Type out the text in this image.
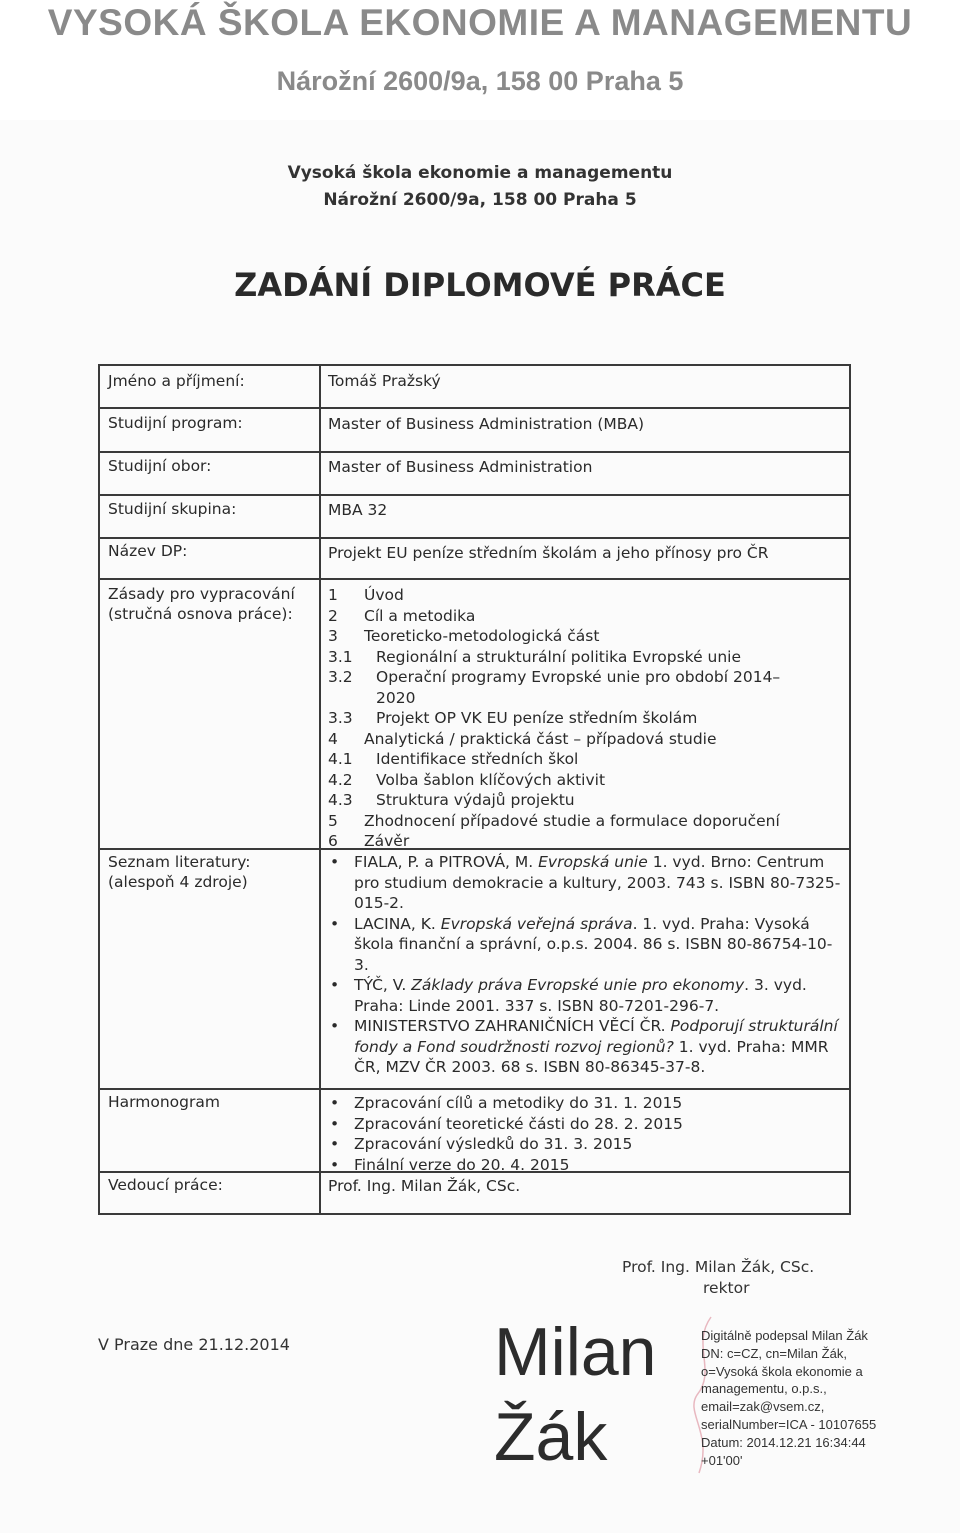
VYSOKÁ ŠKOLA EKONOMIE A MANAGEMENTU
Nárožní 2600/9a, 158 00 Praha 5
Vysoká škola ekonomie a managementu
Nárožní 2600/9a, 158 00 Praha 5
ZADÁNÍ DIPLOMOVÉ PRÁCE
Jméno a příjmení:	Tomáš Pražský
Studijní program:	Master of Business Administration (MBA)
Studijní obor:	Master of Business Administration
Studijní skupina:	MBA 32
Název DP:	Projekt EU peníze středním školám a jeho přínosy pro ČR
Zásady pro vypracování (stručná osnova práce):
1 Úvod
2 Cíl a metodika
3 Teoreticko-metodologická část
3.1 Regionální a strukturální politika Evropské unie
3.2 Operační programy Evropské unie pro období 2014–
2020
3.3 Projekt OP VK EU peníze středním školám
4 Analytická / praktická část – případová studie
4.1 Identifikace středních škol
4.2 Volba šablon klíčových aktivit
4.3 Struktura výdajů projektu
5 Zhodnocení případové studie a formulace doporučení
6 Závěr
Seznam literatury: (alespoň 4 zdroje)
• FIALA, P. a PITROVÁ, M. Evropská unie 1. vyd. Brno: Centrum pro studium demokracie a kultury, 2003. 743 s. ISBN 80-7325-015-2.
• LACINA, K. Evropská veřejná správa. 1. vyd. Praha: Vysoká škola finanční a správní, o.p.s. 2004. 86 s. ISBN 80-86754-10-3.
• TÝČ, V. Základy práva Evropské unie pro ekonomy. 3. vyd. Praha: Linde 2001. 337 s. ISBN 80-7201-296-7.
• MINISTERSTVO ZAHRANIČNÍCH VĚCÍ ČR. Podporují strukturální fondy a Fond soudržnosti rozvoj regionů? 1. vyd. Praha: MMR ČR, MZV ČR 2003. 68 s. ISBN 80-86345-37-8.
Harmonogram
•	Zpracování cílů a metodiky do 31. 1. 2015
• Zpracování teoretické části do 28. 2. 2015
• Zpracování výsledků do 31. 3. 2015
• Finální verze do 20. 4. 2015
Vedoucí práce:	Prof. Ing. Milan Žák, CSc.
Prof. Ing. Milan Žák, CSc.
rektor
V Praze dne 21.12.2014	Milan
Žák
Digitálně podepsal Milan Žák
DN: c=CZ, cn=Milan Žák,
o=Vysoká škola ekonomie a
managementu, o.p.s.,
email=zak@vsem.cz,
serialNumber=ICA - 10107655
Datum: 2014.12.21 16:34:44
+01'00'
